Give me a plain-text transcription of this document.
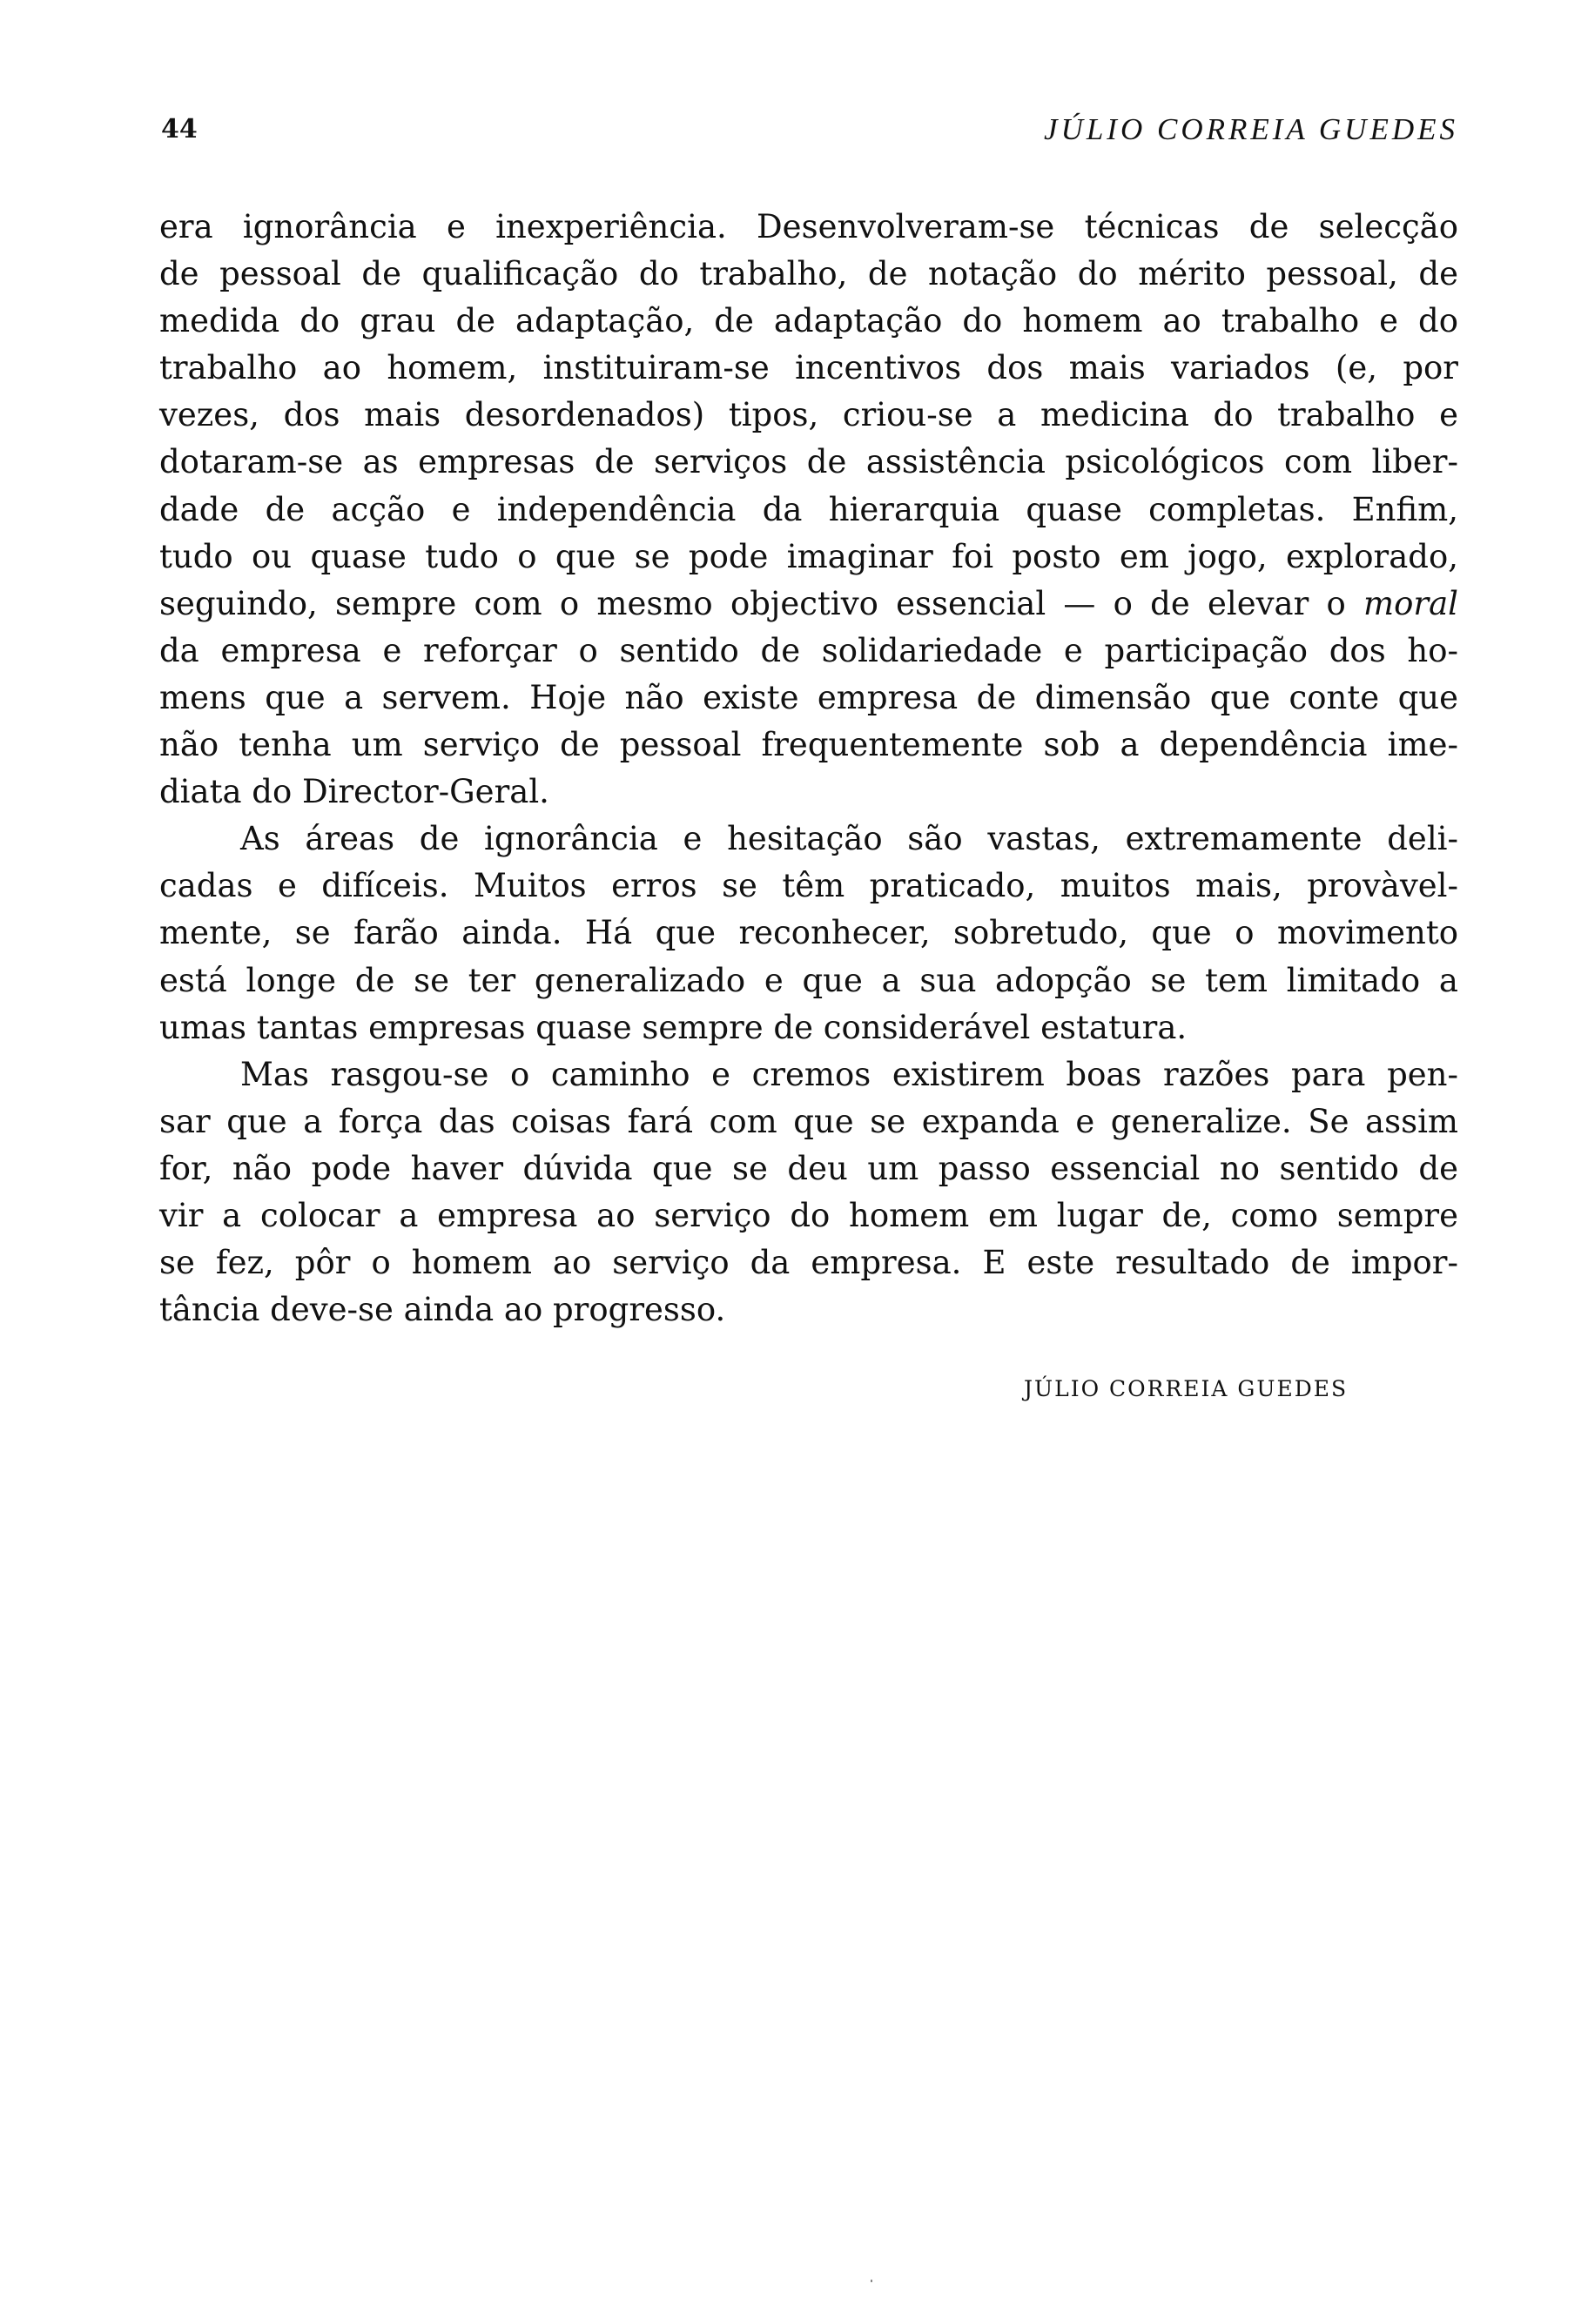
44	JÚLIO CORREIA GUEDES
era ignorância e inexperiência. Desenvolveram-se técnicas de selecção
de pessoal de qualificação do trabalho, de notação do mérito pessoal, de
medida do grau de adaptação, de adaptação do homem ao trabalho e do
trabalho ao homem, instituiram-se incentivos dos mais variados (e, por
vezes, dos mais desordenados) tipos, criou-se a medicina do trabalho e
dotaram-se as empresas de serviços de assistência psicológicos com liber-
dade de acção e independência da hierarquia quase completas. Enfim,
tudo ou quase tudo o que se pode imaginar foi posto em jogo, explorado,
seguindo, sempre com o mesmo objectivo essencial — o de elevar o moral
da empresa e reforçar o sentido de solidariedade e participação dos ho-
mens que a servem. Hoje não existe empresa de dimensão que conte que
não tenha um serviço de pessoal frequentemente sob a dependência ime-
diata do Director-Geral.
As áreas de ignorância e hesitação são vastas, extremamente deli-
cadas e difíceis. Muitos erros se têm praticado, muitos mais, provàvel-
mente, se farão ainda. Há que reconhecer, sobretudo, que o movimento
está longe de se ter generalizado e que a sua adopção se tem limitado a
umas tantas empresas quase sempre de considerável estatura.
Mas rasgou-se o caminho e cremos existirem boas razões para pen-
sar que a força das coisas fará com que se expanda e generalize. Se assim
for, não pode haver dúvida que se deu um passo essencial no sentido de
vir a colocar a empresa ao serviço do homem em lugar de, como sempre
se fez, pôr o homem ao serviço da empresa. E este resultado de impor-
tância deve-se ainda ao progresso.
JÚLIO CORREIA GUEDES
